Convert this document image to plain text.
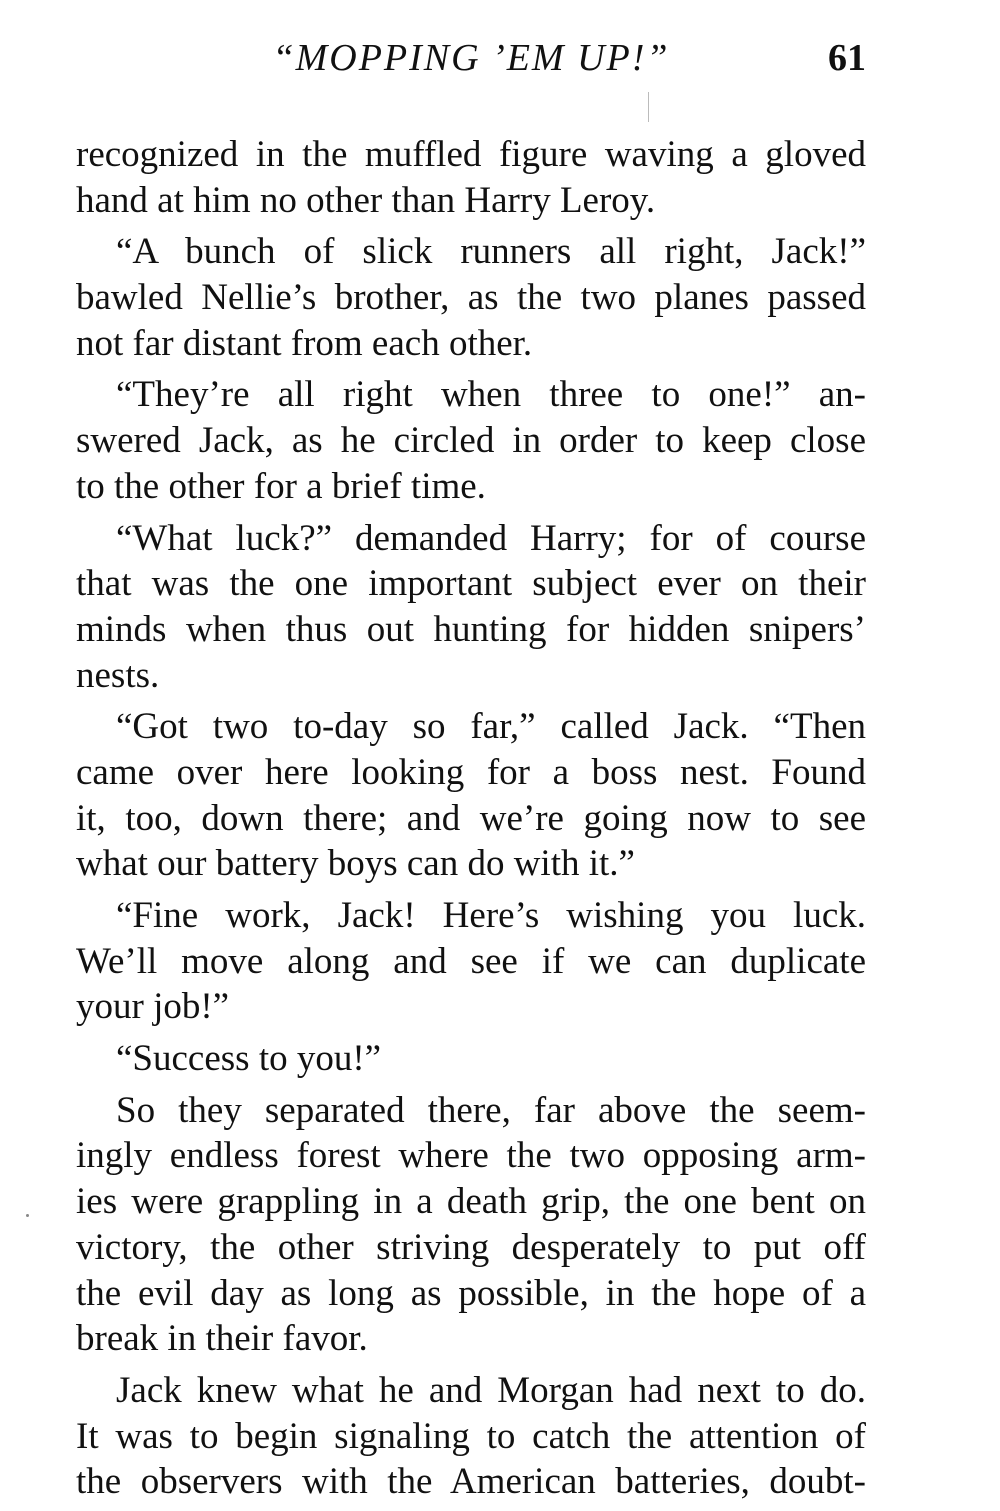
“MOPPING ’EM UP!”	61

recognized in the muffled figure waving a gloved
hand at him no other than Harry Leroy.

“A bunch of slick runners all right, Jack!”
bawled Nellie’s brother, as the two planes passed
not far distant from each other.

“They’re all right when three to one!” an-
swered Jack, as he circled in order to keep close
to the other for a brief time.

“What luck?” demanded Harry; for of course
that was the one important subject ever on their
minds when thus out hunting for hidden snipers’
nests.

“Got two to-day so far,” called Jack. “Then
came over here looking for a boss nest. Found
it, too, down there; and we’re going now to see
what our battery boys can do with it.”

“Fine work, Jack! Here’s wishing you luck.
We’ll move along and see if we can duplicate
your job!”

“Success to you!”

So they separated there, far above the seem-
ingly endless forest where the two opposing arm-
ies were grappling in a death grip, the one bent on
victory, the other striving desperately to put off
the evil day as long as possible, in the hope of a
break in their favor.

Jack knew what he and Morgan had next to do.
It was to begin signaling to catch the attention of
the observers with the American batteries, doubt-
